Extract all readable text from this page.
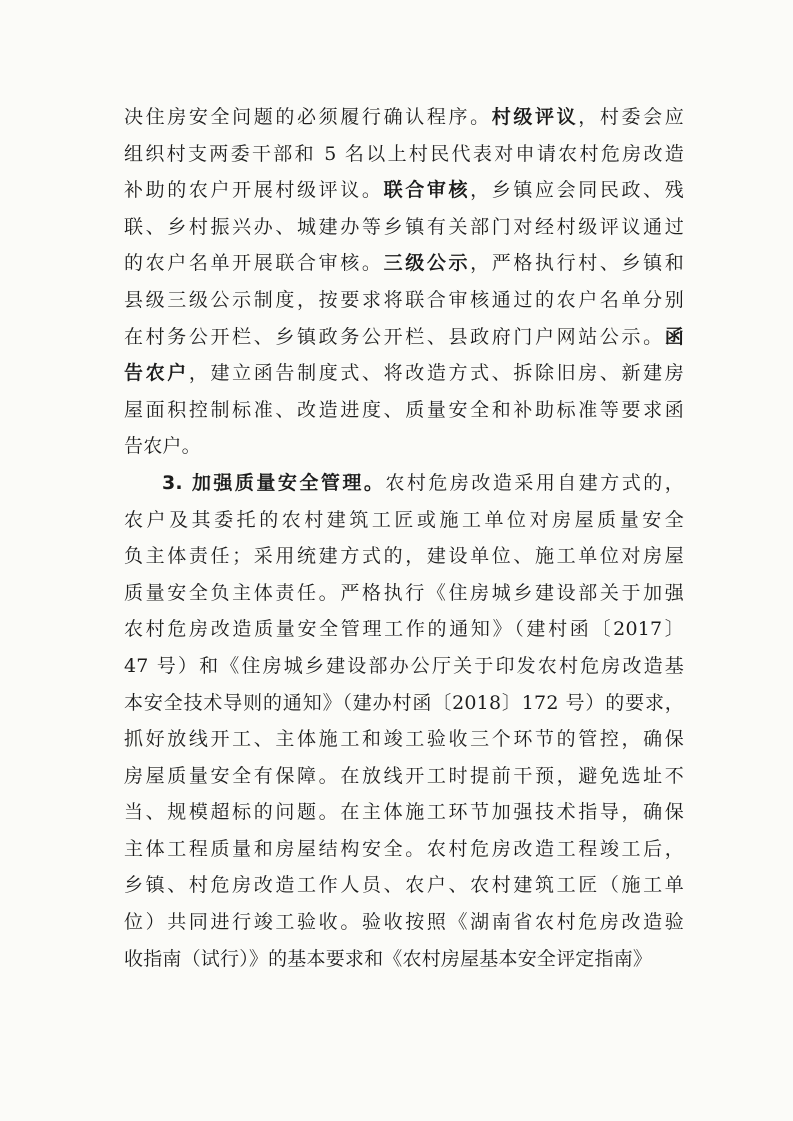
决住房安全问题的必须履行确认程序。村级评议，村委会应
组织村支两委干部和 5 名以上村民代表对申请农村危房改造
补助的农户开展村级评议。联合审核，乡镇应会同民政、残
联、乡村振兴办、城建办等乡镇有关部门对经村级评议通过
的农户名单开展联合审核。三级公示，严格执行村、乡镇和
县级三级公示制度，按要求将联合审核通过的农户名单分别
在村务公开栏、乡镇政务公开栏、县政府门户网站公示。函
告农户，建立函告制度式、将改造方式、拆除旧房、新建房
屋面积控制标准、改造进度、质量安全和补助标准等要求函
告农户。
3. 加强质量安全管理。农村危房改造采用自建方式的，
农户及其委托的农村建筑工匠或施工单位对房屋质量安全
负主体责任；采用统建方式的，建设单位、施工单位对房屋
质量安全负主体责任。严格执行《住房城乡建设部关于加强
农村危房改造质量安全管理工作的通知》（建村函〔2017〕
47 号）和《住房城乡建设部办公厅关于印发农村危房改造基
本安全技术导则的通知》（建办村函〔2018〕172 号）的要求，
抓好放线开工、主体施工和竣工验收三个环节的管控，确保
房屋质量安全有保障。在放线开工时提前干预，避免选址不
当、规模超标的问题。在主体施工环节加强技术指导，确保
主体工程质量和房屋结构安全。农村危房改造工程竣工后，
乡镇、村危房改造工作人员、农户、农村建筑工匠（施工单
位）共同进行竣工验收。验收按照《湖南省农村危房改造验
收指南（试行）》的基本要求和《农村房屋基本安全评定指南》
